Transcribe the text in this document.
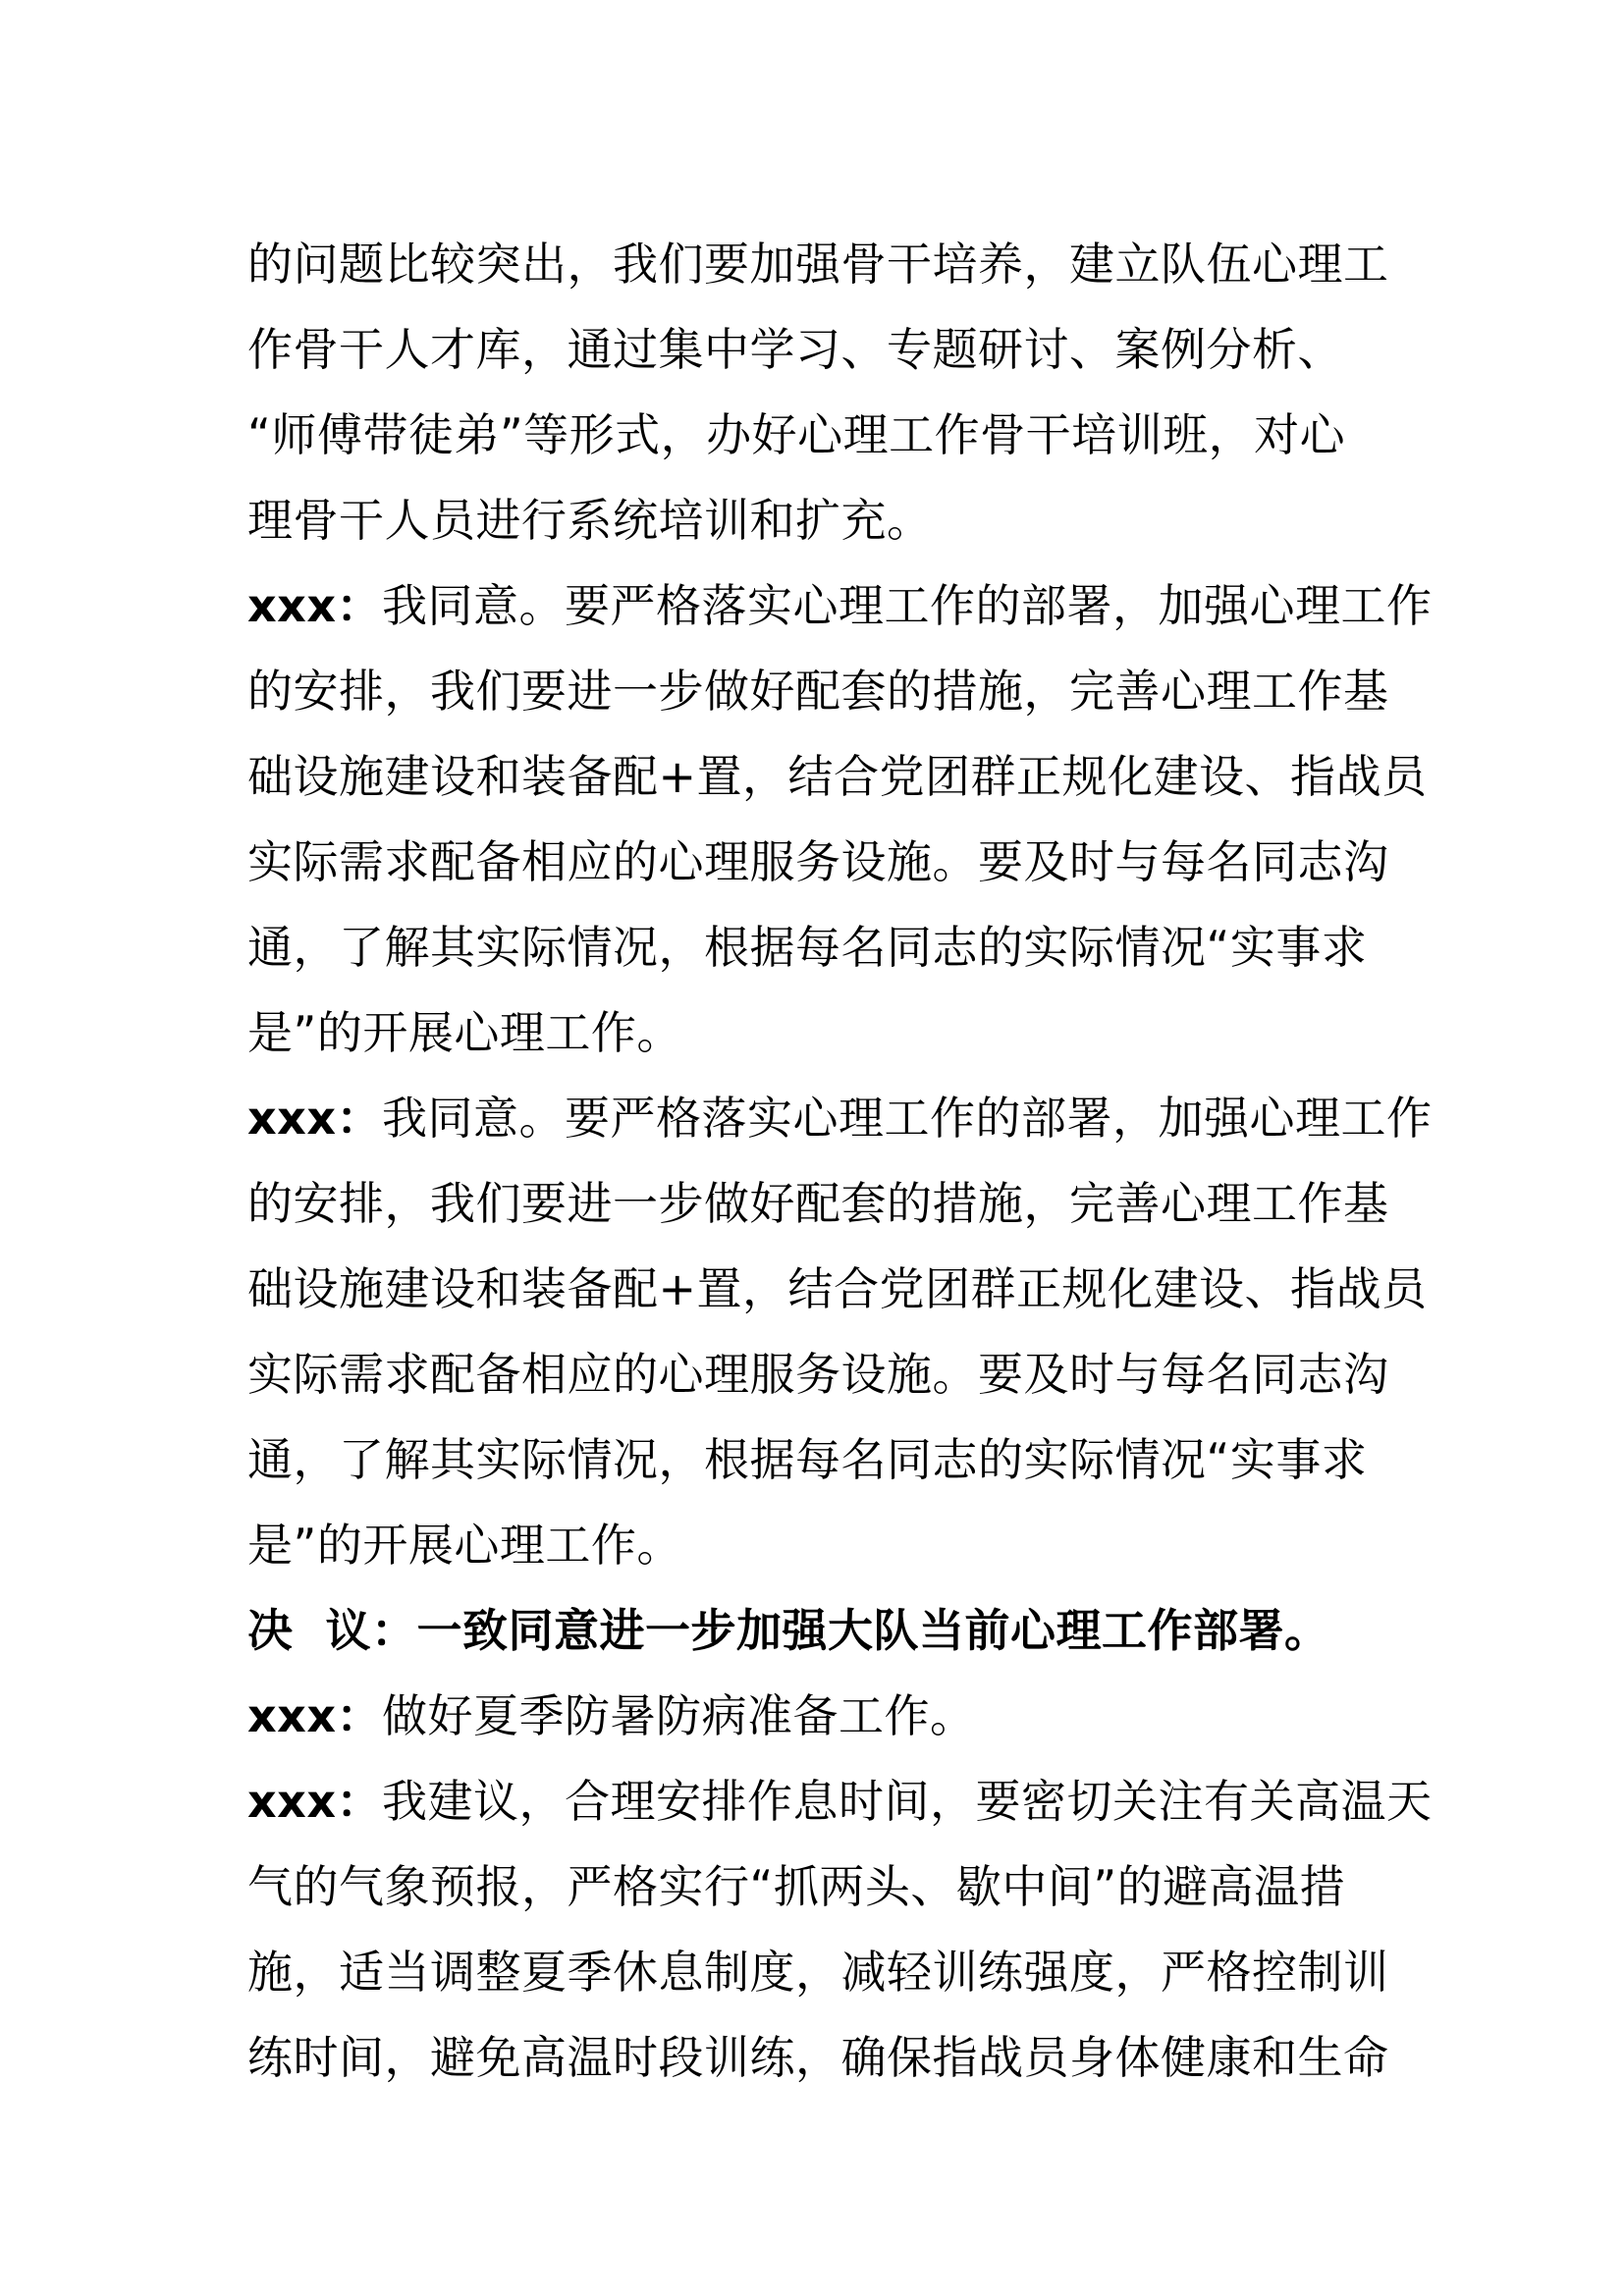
的问题比较突出，我们要加强骨干培养，建立队伍心理工
作骨干人才库，通过集中学习、专题研讨、案例分析、
“师傅带徒弟”等形式，办好心理工作骨干培训班，对心
理骨干人员进行系统培训和扩充。
xxx：我同意。要严格落实心理工作的部署，加强心理工作
的安排，我们要进一步做好配套的措施，完善心理工作基
础设施建设和装备配+置，结合党团群正规化建设、指战员
实际需求配备相应的心理服务设施。要及时与每名同志沟
通，了解其实际情况，根据每名同志的实际情况“实事求
是”的开展心理工作。
xxx：我同意。要严格落实心理工作的部署，加强心理工作
的安排，我们要进一步做好配套的措施，完善心理工作基
础设施建设和装备配+置，结合党团群正规化建设、指战员
实际需求配备相应的心理服务设施。要及时与每名同志沟
通，了解其实际情况，根据每名同志的实际情况“实事求
是”的开展心理工作。
决  议：一致同意进一步加强大队当前心理工作部署。
xxx：做好夏季防暑防病准备工作。
xxx：我建议，合理安排作息时间，要密切关注有关高温天
气的气象预报，严格实行“抓两头、歇中间”的避高温措
施，适当调整夏季休息制度，减轻训练强度，严格控制训
练时间，避免高温时段训练，确保指战员身体健康和生命
